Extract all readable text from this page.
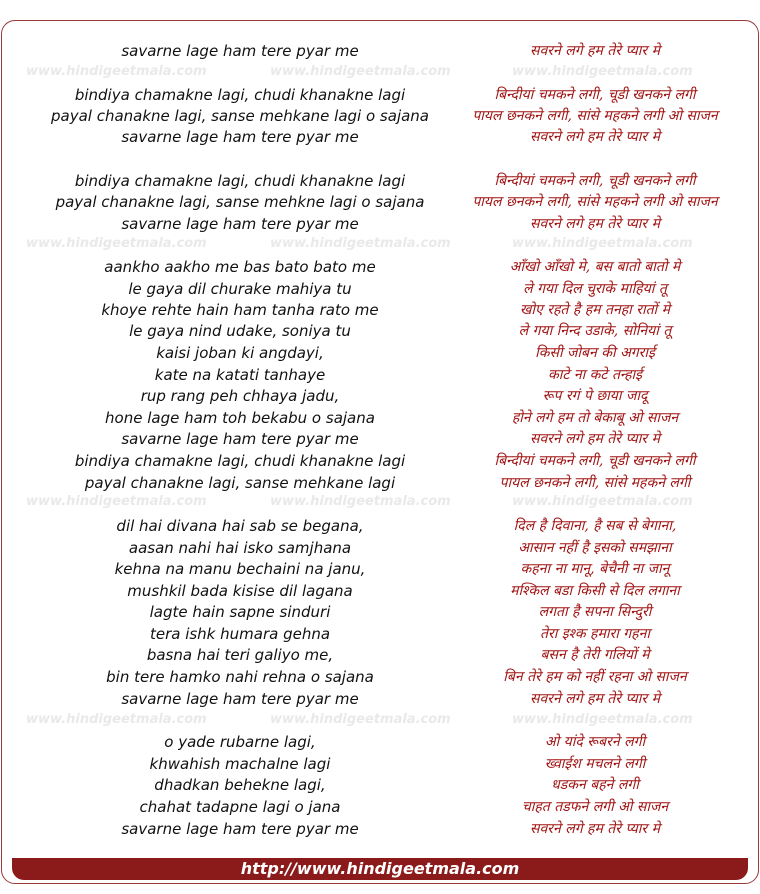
www.hindigeetmala.com	www.hindigeetmala.com	www.hindigeetmala.com
www.hindigeetmala.com	www.hindigeetmala.com	www.hindigeetmala.com
www.hindigeetmala.com	www.hindigeetmala.com	www.hindigeetmala.com
www.hindigeetmala.com	www.hindigeetmala.com	www.hindigeetmala.com
savarne lage ham tere pyar me
bindiya chamakne lagi, chudi khanakne lagi
payal chanakne lagi, sanse mehkane lagi o sajana
savarne lage ham tere pyar me
bindiya chamakne lagi, chudi khanakne lagi
payal chanakne lagi, sanse mehkne lagi o sajana
savarne lage ham tere pyar me
aankho aakho me bas bato bato me
le gaya dil churake mahiya tu
khoye rehte hain ham tanha rato me
le gaya nind udake, soniya tu
kaisi joban ki angdayi,
kate na katati tanhaye
rup rang peh chhaya jadu,
hone lage ham toh bekabu o sajana
savarne lage ham tere pyar me
bindiya chamakne lagi, chudi khanakne lagi
payal chanakne lagi, sanse mehkane lagi
dil hai divana hai sab se begana,
aasan nahi hai isko samjhana
kehna na manu bechaini na janu,
mushkil bada kisise dil lagana
lagte hain sapne sinduri
tera ishk humara gehna
basna hai teri galiyo me,
bin tere hamko nahi rehna o sajana
savarne lage ham tere pyar me
o yade rubarne lagi,
khwahish machalne lagi
dhadkan behekne lagi,
chahat tadapne lagi o jana
savarne lage ham tere pyar me
सवरने लगे हम तेरे प्यार मे
बिन्दीयां चमकने लगी, चूडी खनकने लगी
पायल छनकने लगी, सांसे महकने लगी ओ साजन
सवरने लगे हम तेरे प्यार मे
बिन्दीयां चमकने लगी, चूडी खनकने लगी
पायल छनकने लगी, सांसे महकने लगी ओ साजन
सवरने लगे हम तेरे प्यार मे
आँखो आँखो मे, बस बातो बातो मे
ले गया दिल चुराके माहियां तू
खोए रहते है हम तनहा रातों मे
ले गया निन्द उडाके, सोनियां तू
किसी जोबन की अगराई
काटे ना कटे तन्हाई
रूप रगं पे छाया जादू
होने लगे हम तो बेकाबू ओ साजन
सवरने लगे हम तेरे प्यार मे
बिन्दीयां चमकने लगी, चूडी खनकने लगी
पायल छनकने लगी, सांसे महकने लगी
दिल है दिवाना, है सब से बेगाना,
आसान नहीं है इसको समझाना
कहना ना मानू, बेचैनी ना जानू
मश्किल बडा किसी से दिल लगाना
लगता है सपना सिन्दुरी
तेरा इश्क हमारा गहना
बसन है तेरी गलियों मे
बिन तेरे हम को नहीं रहना ओ साजन
सवरने लगे हम तेरे प्यार मे
ओ यांदे रूबरने लगी
ख्वाईश मचलने लगी
धडकन बहने लगी
चाहत तडफने लगी ओ साजन
सवरने लगे हम तेरे प्यार मे
http://www.hindigeetmala.com
